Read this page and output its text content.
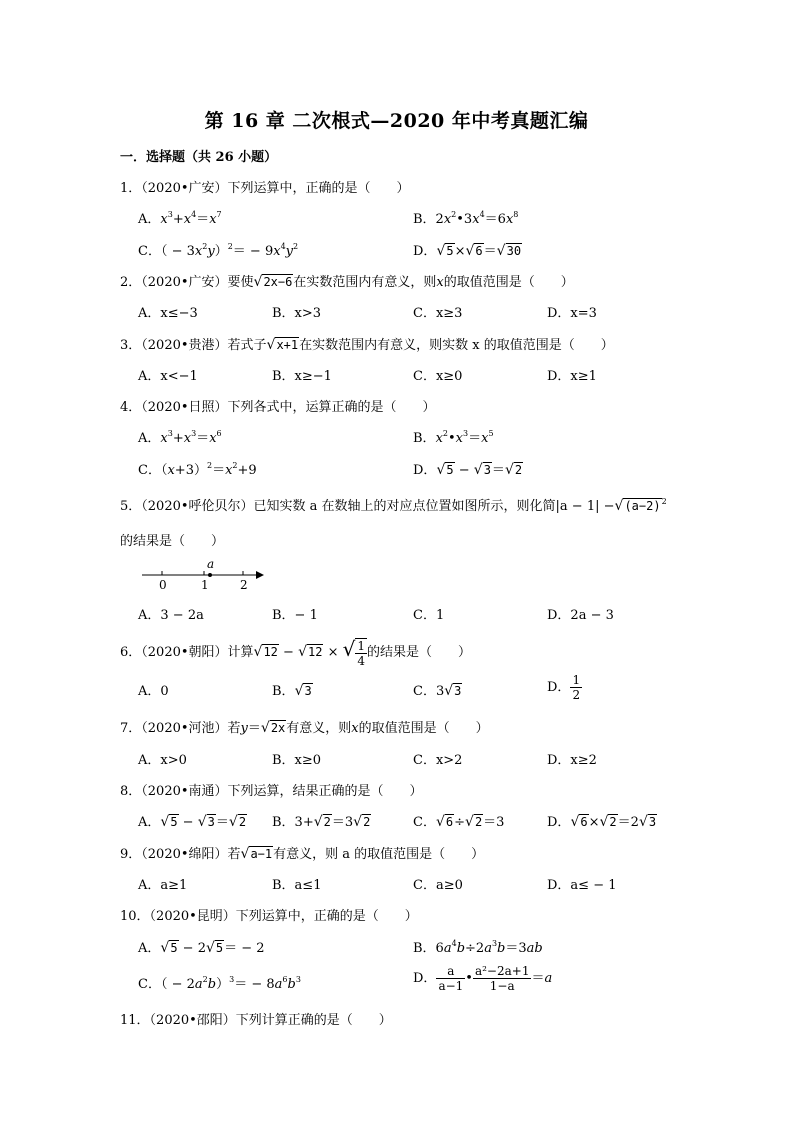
第 16 章 二次根式—2020 年中考真题汇编
一．选择题（共 26 小题）
1．（2020•广安）下列运算中，正确的是（　　）
A．$x^3+x^4=x^7$	B．$2x^2•3x^4=6x^8$
C．（ − $3x^2y)^2= - 9x^4y^2$	D．√5×√6＝√30
2．（2020•广安）要使√2x−6在实数范围内有意义，则x的取值范围是（　　）
A．x≤−3	B．x>3	C．x≥3	D．x=3
3．（2020•贵港）若式子√x+1在实数范围内有意义，则实数 x 的取值范围是（　　）
A．x<−1	B．x≥−1	C．x≥0	D．x≥1
4．（2020•日照）下列各式中，运算正确的是（　　）
A．$x^3+x^3=x^6$	B．$x^2•x^3=x^5$
C．$(x+3)^2=x^2+9$	D．√5 − √3＝√2
5．（2020•呼伦贝尔）已知实数 a 在数轴上的对应点位置如图所示，则化简$|a - 1| -√(a-2)^2$
的结果是（　　）
0	1	2
a
A．3 − 2a	B．− 1	C．1	D．2a − 3
6．（2020•朝阳）计算√12 − √12 × √ $\frac{1}{4}$ 的结果是（　　）
A．0	B．√3	C．3√3	D． $\frac{1}{2}$
7．（2020•河池）若y＝√2x有意义，则x的取值范围是（　　）
A．x>0	B．x≥0	C．x>2	D．x≥2
8．（2020•南通）下列运算，结果正确的是（　　）
A．√5 − √3＝√2 B．3+√2＝3√2	C．√6÷√2＝3	D．√6×√2＝2√3
9．（2020•绵阳）若√a−1有意义，则 a 的取值范围是（　　）
A．a≥1	B．a≤1	C．a≥0	D．a≤ − 1
10．（2020•昆明）下列运算中，正确的是（　　）
A．√5 − 2√5＝ − 2	B．$6a^4b\div 2a^3b=3ab$
C．（ − $2a^2b)^3= - 8a^6b^3$	D． $\frac{a}{a-1}$ • $\frac{\text{a²−2a+1}}{1-a} =a$
11．（2020•邵阳）下列计算正确的是（　　）
